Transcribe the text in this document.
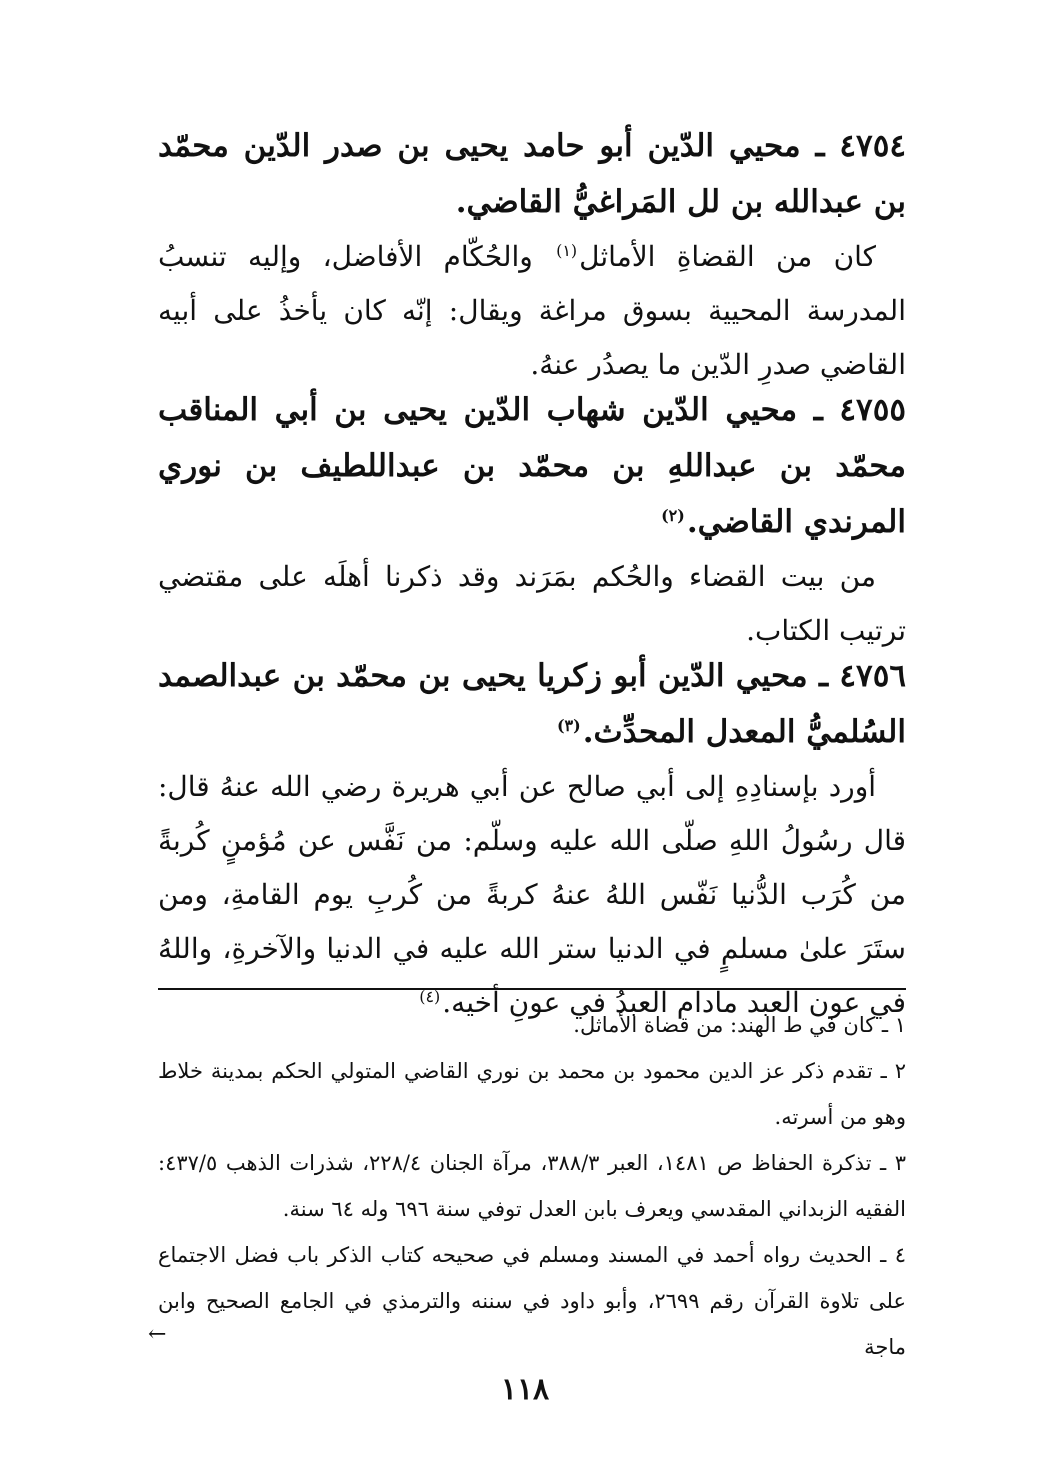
٤٧٥٤ ـ محيي الدّين أبو حامد يحيى بن صدر الدّين محمّد بن عبدالله بن لل المَراغيُّ القاضي.

كان من القضاةِ الأماثل$^{(١)}$ والحُكّام الأفاضل، وإليه تنسبُ المدرسة المحيية بسوق مراغة ويقال: إنّه كان يأخذُ على أبيه القاضي صدرِ الدّين ما يصدُر عنهُ.

٤٧٥٥ ـ محيي الدّين شهاب الدّين يحيى بن أبي المناقب محمّد بن عبداللهِ بن محمّد بن عبداللطيف بن نوري المرندي القاضي.$^{(٢)}$

من بيت القضاء والحُكم بمَرَند وقد ذكرنا أهلَه على مقتضي ترتيب الكتاب.

٤٧٥٦ ـ محيي الدّين أبو زكريا يحيى بن محمّد بن عبدالصمد السُلميُّ المعدل المحدِّث.$^{(٣)}$

أورد بإسنادِهِ إلى أبي صالح عن أبي هريرة رضي الله عنهُ قال: قال رسُولُ اللهِ صلّى الله عليه وسلّم: من نَفَّس عن مُؤمنٍ كُربةً من كُرَب الدُّنيا نَفّس اللهُ عنهُ كربةً من كُربِ يوم القامةِ، ومن ستَرَ علىٰ مسلمٍ في الدنيا ستر الله عليه في الدنيا والآخرةِ، واللهُ في عون العبد مادام العبدُ في عونِ أخيه.$^{(٤)}$

١ ـ كان في ط الهند: من قضاة الأماثل.

٢ ـ تقدم ذكر عز الدين محمود بن محمد بن نوري القاضي المتولي الحكم بمدينة خلاط وهو من أسرته.

٣ ـ تذكرة الحفاظ ص ١٤٨١، العبر ٣٨٨/٣، مرآة الجنان ٢٢٨/٤، شذرات الذهب ٤٣٧/٥: الفقيه الزبداني المقدسي ويعرف بابن العدل توفي سنة ٦٩٦ وله ٦٤ سنة.

٤ ـ الحديث رواه أحمد في المسند ومسلم في صحيحه كتاب الذكر باب فضل الاجتماع على تلاوة القرآن رقم ٢٦٩٩، وأبو داود في سننه والترمذي في الجامع الصحيح وابن ماجة

←
١١٨
